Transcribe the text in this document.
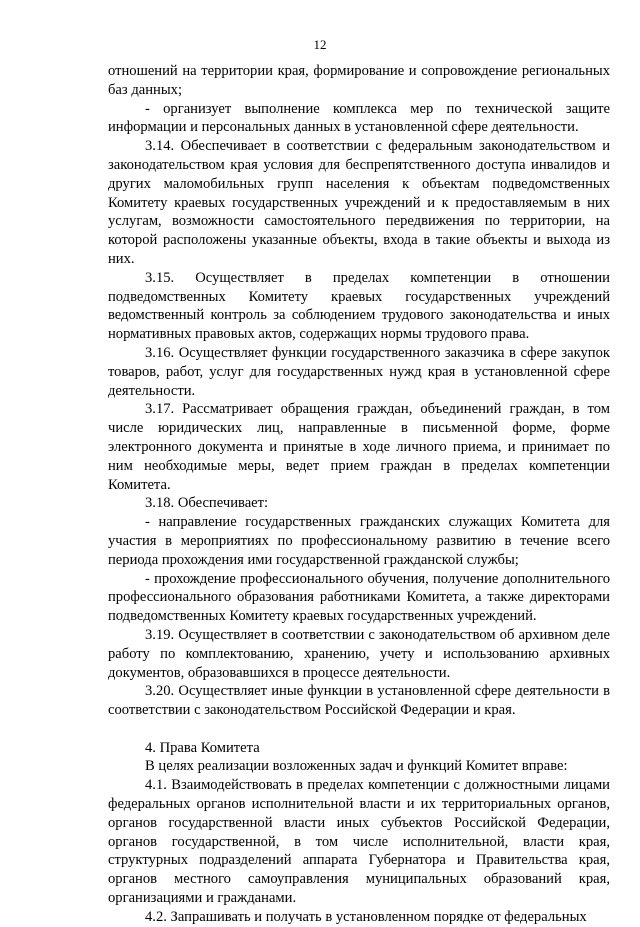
12

отношений на территории края, формирование и сопровождение региональных баз данных;

- организует выполнение комплекса мер по технической защите информации и персональных данных в установленной сфере деятельности.

3.14. Обеспечивает в соответствии с федеральным законодательством и законодательством края условия для беспрепятственного доступа инвалидов и других маломобильных групп населения к объектам подведомственных Комитету краевых государственных учреждений и к предоставляемым в них услугам, возможности самостоятельного передвижения по территории, на которой расположены указанные объекты, входа в такие объекты и выхода из них.

3.15. Осуществляет в пределах компетенции в отношении подведомственных Комитету краевых государственных учреждений ведомственный контроль за соблюдением трудового законодательства и иных нормативных правовых актов, содержащих нормы трудового права.

3.16. Осуществляет функции государственного заказчика в сфере закупок товаров, работ, услуг для государственных нужд края в установленной сфере деятельности.

3.17. Рассматривает обращения граждан, объединений граждан, в том числе юридических лиц, направленные в письменной форме, форме электронного документа и принятые в ходе личного приема, и принимает по ним необходимые меры, ведет прием граждан в пределах компетенции Комитета.

3.18. Обеспечивает:

- направление государственных гражданских служащих Комитета для участия в мероприятиях по профессиональному развитию в течение всего периода прохождения ими государственной гражданской службы;

- прохождение профессионального обучения, получение дополнительного профессионального образования работниками Комитета, а также директорами подведомственных Комитету краевых государственных учреждений.

3.19. Осуществляет в соответствии с законодательством об архивном деле работу по комплектованию, хранению, учету и использованию архивных документов, образовавшихся в процессе деятельности.

3.20. Осуществляет иные функции в установленной сфере деятельности в соответствии с законодательством Российской Федерации и края.

4. Права Комитета

В целях реализации возложенных задач и функций Комитет вправе:

4.1. Взаимодействовать в пределах компетенции с должностными лицами федеральных органов исполнительной власти и их территориальных органов, органов государственной власти иных субъектов Российской Федерации, органов государственной, в том числе исполнительной, власти края, структурных подразделений аппарата Губернатора и Правительства края, органов местного самоуправления муниципальных образований края, организациями и гражданами.

4.2. Запрашивать и получать в установленном порядке от федеральных
